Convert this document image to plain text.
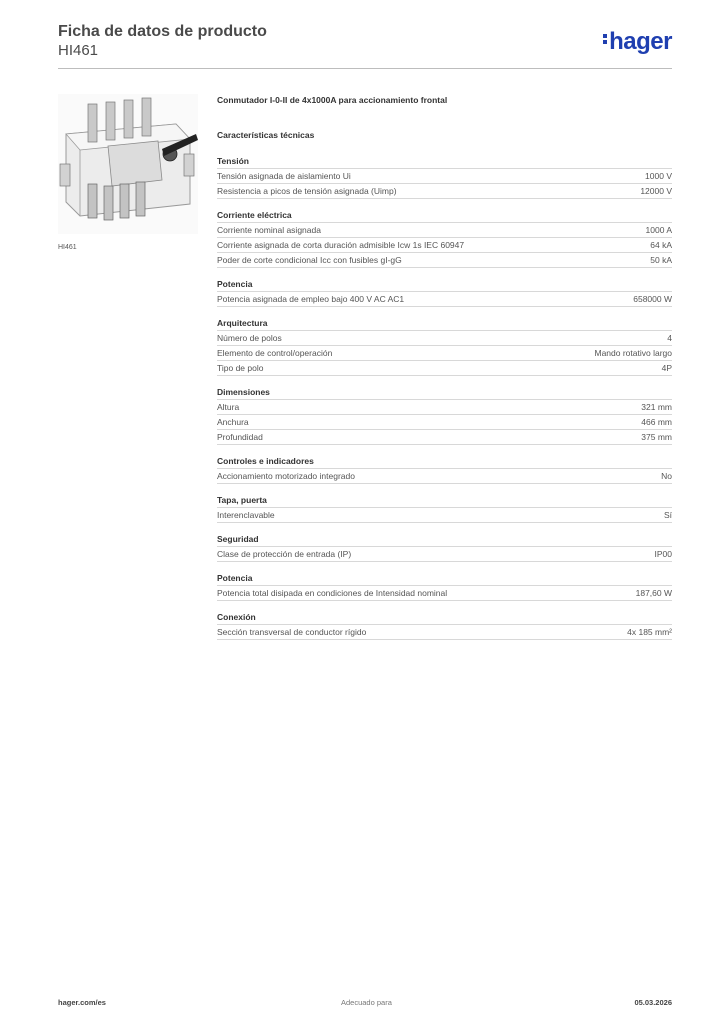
Ficha de datos de producto
HI461	hager
HI461
Conmutador I-0-II de 4x1000A para accionamiento frontal
Características técnicas
Tensión
Tensión asignada de aislamiento Ui	1000 V
Resistencia a picos de tensión asignada (Uimp)	12000 V
Corriente eléctrica
Corriente nominal asignada	1000 A
Corriente asignada de corta duración admisible Icw 1s IEC 60947	64 kA
Poder de corte condicional Icc con fusibles gI-gG	50 kA
Potencia
Potencia asignada de empleo bajo 400 V AC AC1	658000 W
Arquitectura
Número de polos	4
Elemento de control/operación	Mando rotativo largo
Tipo de polo	4P
Dimensiones
Altura	321 mm
Anchura	466 mm
Profundidad	375 mm
Controles e indicadores
Accionamiento motorizado integrado	No
Tapa, puerta
Interenclavable	Sí
Seguridad
Clase de protección de entrada (IP)	IP00
Potencia
Potencia total disipada en condiciones de Intensidad nominal	187,60 W
Conexión
Sección transversal de conductor rígido	4x 185 mm²
hager.com/es	Adecuado para	05.03.2026
